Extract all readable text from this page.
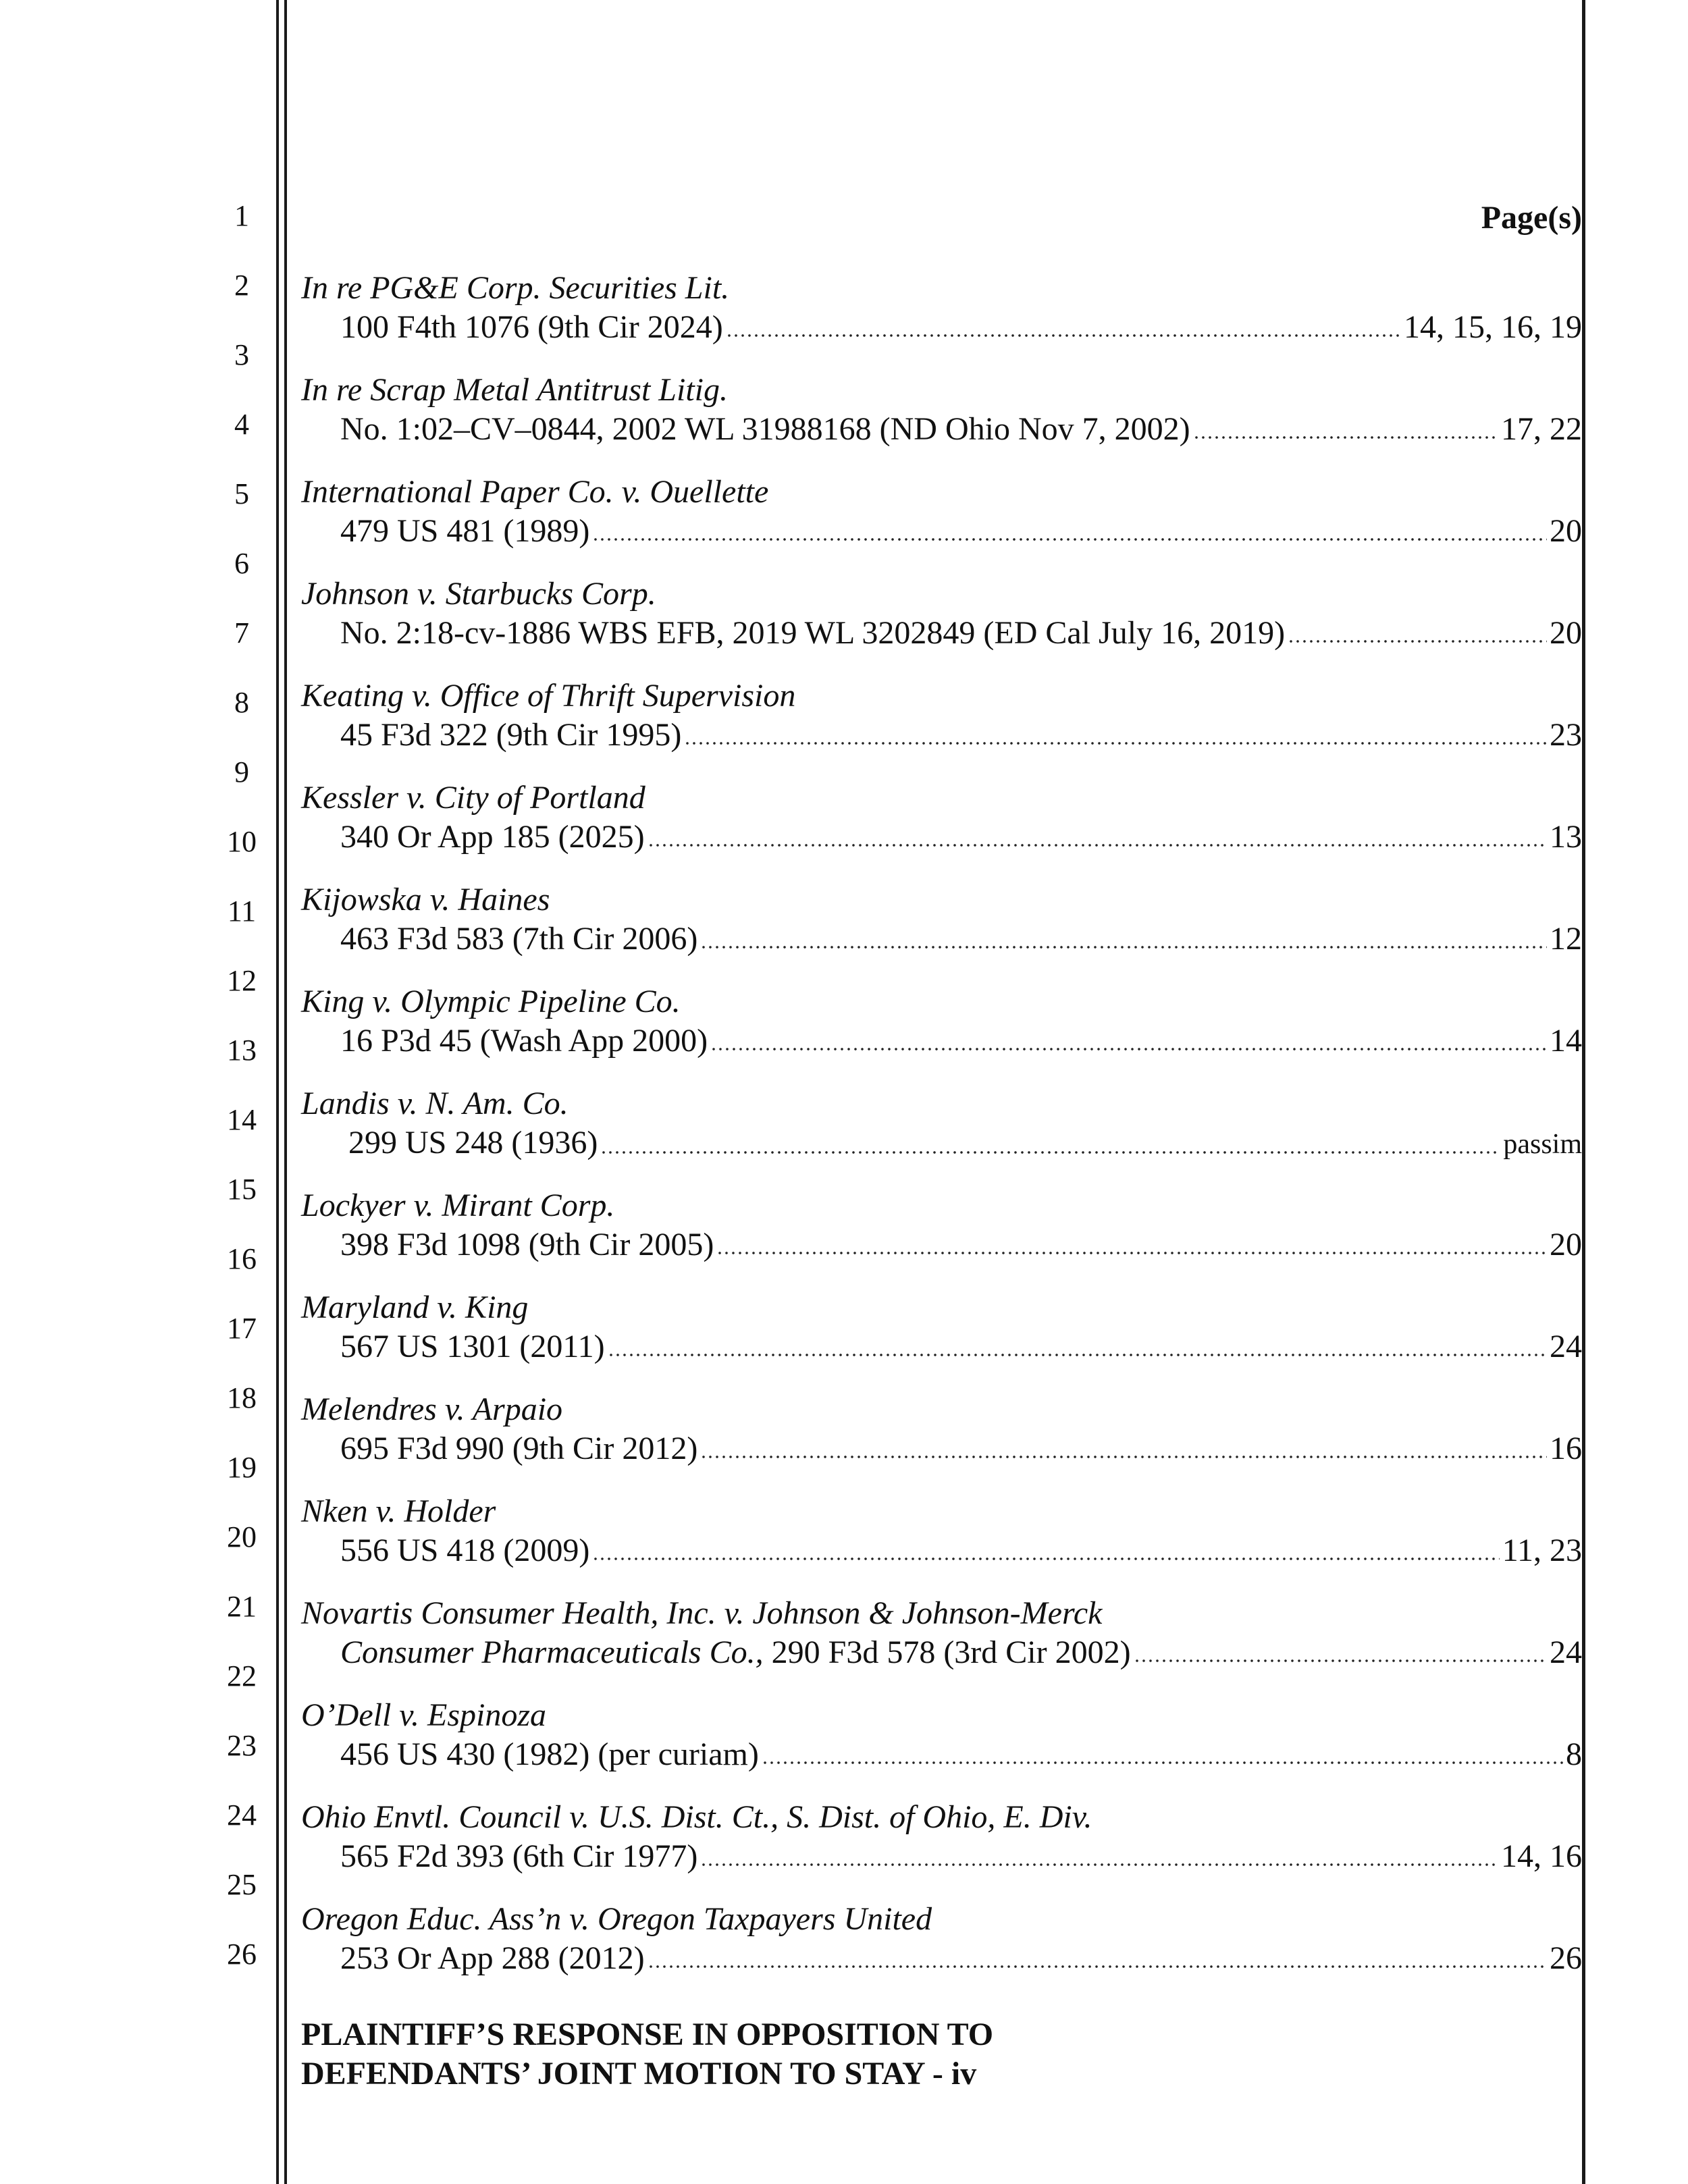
1
2
3
4
5
6
7
8
9
10
11
12
13
14
15
16
17
18
19
20
21
22
23
24
25
26
Page(s)
In re PG&E Corp. Securities Lit.
100 F4th 1076 (9th Cir 2024)	14, 15, 16, 19
In re Scrap Metal Antitrust Litig.
No. 1:02–CV–0844, 2002 WL 31988168 (ND Ohio Nov 7, 2002)	17, 22
International Paper Co. v. Ouellette
479 US 481 (1989)	20
Johnson v. Starbucks Corp.
No. 2:18-cv-1886 WBS EFB, 2019 WL 3202849 (ED Cal July 16, 2019)	20
Keating v. Office of Thrift Supervision
45 F3d 322 (9th Cir 1995)	23
Kessler v. City of Portland
340 Or App 185 (2025)	13
Kijowska v. Haines
463 F3d 583 (7th Cir 2006)	12
King v. Olympic Pipeline Co.
16 P3d 45 (Wash App 2000)	14
Landis v. N. Am. Co.
299 US 248 (1936)	passim
Lockyer v. Mirant Corp.
398 F3d 1098 (9th Cir 2005)	20
Maryland v. King
567 US 1301 (2011)	24
Melendres v. Arpaio
695 F3d 990 (9th Cir 2012)	16
Nken v. Holder
556 US 418 (2009)	11, 23
Novartis Consumer Health, Inc. v. Johnson & Johnson-Merck
Consumer Pharmaceuticals Co., 290 F3d 578 (3rd Cir 2002)	24
O’Dell v. Espinoza
456 US 430 (1982) (per curiam)	8
Ohio Envtl. Council v. U.S. Dist. Ct., S. Dist. of Ohio, E. Div.
565 F2d 393 (6th Cir 1977)	14, 16
Oregon Educ. Ass’n v. Oregon Taxpayers United
253 Or App 288 (2012)	26
PLAINTIFF’S RESPONSE IN OPPOSITION TO
DEFENDANTS’ JOINT MOTION TO STAY - iv
